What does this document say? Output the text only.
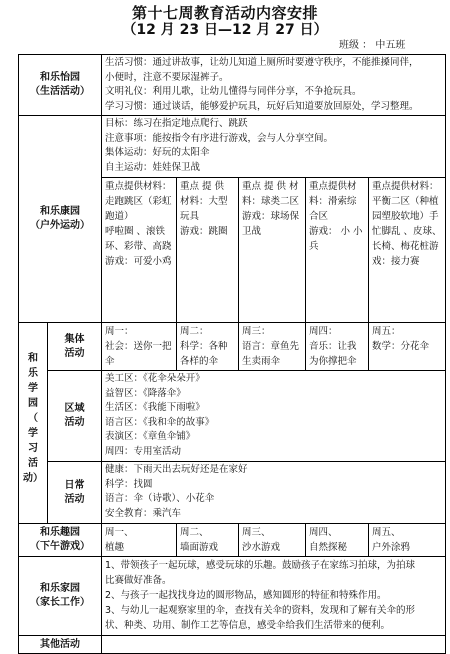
第十七周教育活动内容安排
（12 月 23 日—12 月 27 日）
班级 ： 中五班
和乐怡园
（生活活动）
生活习惯：通过讲故事，让幼儿知道上厕所时要遵守秩序，不能推搡同伴，
小便时，注意不要尿湿裤子。
文明礼仪：利用儿歌，让幼儿懂得与同伴分享，不争抢玩具。
学习习惯：通过谈话，能够爱护玩具，玩好后知道要放回原处，学习整理。
和乐康园
（户外运动）
目标：练习在指定地点爬行、跳跃
注意事项：能按指令有序进行游戏，会与人分享空间。
集体运动：好玩的太阳伞
自主运动：娃娃保卫战
重点提供材料：
走跑跳区（彩虹
跑道）
呼啦圈 、滚铁
环、彩带、高跷
游戏：可爱小鸡
重点 提 供
材料：大型
玩具
游戏：跳圈
重点 提 供 材
料：球类二区
游戏：球场保
卫战
重点提供材
料：滑索综
合区
游戏： 小 小
兵
重点提供材料：
平衡二区（种植
园塑胶软地）手
忙脚乱 、皮球、
长椅、梅花桩游
戏：接力赛
和
乐
学
园
（
学
习
活
动）
集体
活动
周一：
社会：送你一把
伞
周二：
科学：各种
各样的伞
周三：
语言：章鱼先
生卖雨伞
周四：
音乐：让我
为你撑把伞
周五：
数学：分花伞
区域
活动
美工区：《花伞朵朵开》
益智区：《降落伞》
生活区：《我能下雨啦》
语言区：《我和伞的故事》
表演区：《章鱼伞铺》
周四：专用室活动
日常
活动
健康：下雨天出去玩好还是在家好
科学：找圆
语言：伞（诗歌）、小花伞
安全教育：乘汽车
和乐趣园
（下午游戏）
周一、
植趣
周二、
墙面游戏
周三、
沙水游戏
周四、
自然探秘
周五、
户外涂鸦
和乐家园
（家长工作）
1、带领孩子一起玩球，感受玩球的乐趣。鼓励孩子在家练习拍球，为拍球
比赛做好准备。
2、与孩子一起找找身边的圆形物品，感知圆形的特征和特殊作用。
3、与幼儿一起观察家里的伞，查找有关伞的资料，发现和了解有关伞的形
状、种类、功用、制作工艺等信息，感受伞给我们生活带来的便利。
其他活动
